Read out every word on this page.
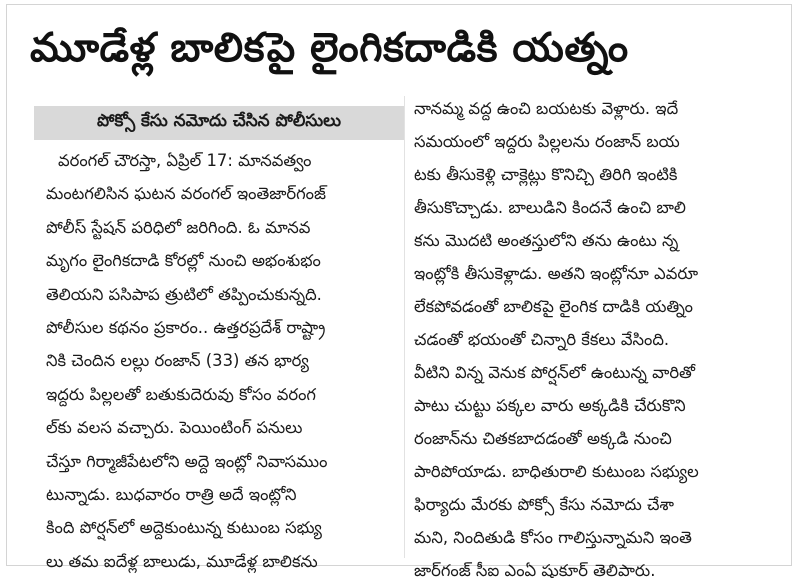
మూడేళ్ల బాలికపై లైంగికదాడికి యత్నం
పోక్సో కేసు నమోదు చేసిన పోలీసులు
వరంగల్ చౌరస్తా, ఏప్రిల్ 17: మానవత్వం
మంటగలిసిన ఘటన వరంగల్ ఇంతెజార్‌గంజ్
పోలీస్ స్టేషన్ పరిధిలో జరిగింది. ఓ మానవ
మృగం లైంగికదాడి కోరల్లో నుంచి అభంశుభం
తెలియని పసిపాప త్రుటిలో తప్పించుకున్నది.
పోలీసుల కథనం ప్రకారం.. ఉత్తరప్రదేశ్ రాష్ట్రా
నికి చెందిన లల్లు రంజాన్ (33) తన భార్య
ఇద్దరు పిల్లలతో బతుకుదెరువు కోసం వరంగ
ల్‌కు వలస వచ్చారు. పెయింటింగ్ పనులు
చేస్తూ గిర్మాజీపేటలోని అద్దె ఇంట్లో నివాసముం
టున్నాడు. బుధవారం రాత్రి అదే ఇంట్లోని
కింది పోర్షన్‌లో అద్దెకుంటున్న కుటుంబ సభ్యు
లు తమ ఐదేళ్ల బాలుడు, మూడేళ్ల బాలికను
నానమ్మ వద్ద ఉంచి బయటకు వెళ్లారు. ఇదే
సమయంలో ఇద్దరు పిల్లలను రంజాన్ బయ
టకు తీసుకెళ్లి చాక్లెట్లు కొనిచ్చి తిరిగి ఇంటికి
తీసుకొచ్చాడు. బాలుడిని కిందనే ఉంచి బాలి
కను మొదటి అంతస్తులోని తను ఉంటు న్న
ఇంట్లోకి తీసుకెళ్లాడు. అతని ఇంట్లోనూ ఎవరూ
లేకపోవడంతో బాలికపై లైంగిక దాడికి యత్నిం
చడంతో భయంతో చిన్నారి కేకలు వేసింది.
వీటిని విన్న వెనుక పోర్షన్‌లో ఉంటున్న వారితో
పాటు చుట్టు పక్కల వారు అక్కడికి చేరుకొని
రంజాన్‌ను చితకబాదడంతో అక్కడి నుంచి
పారిపోయాడు. బాధితురాలి కుటుంబ సభ్యుల
ఫిర్యాదు మేరకు పోక్సో కేసు నమోదు చేశా
మని, నిందితుడి కోసం గాలిస్తున్నామని ఇంతె
జార్‌గంజ్ సీఐ ఎంఏ షుకూర్ తెలిపారు.
